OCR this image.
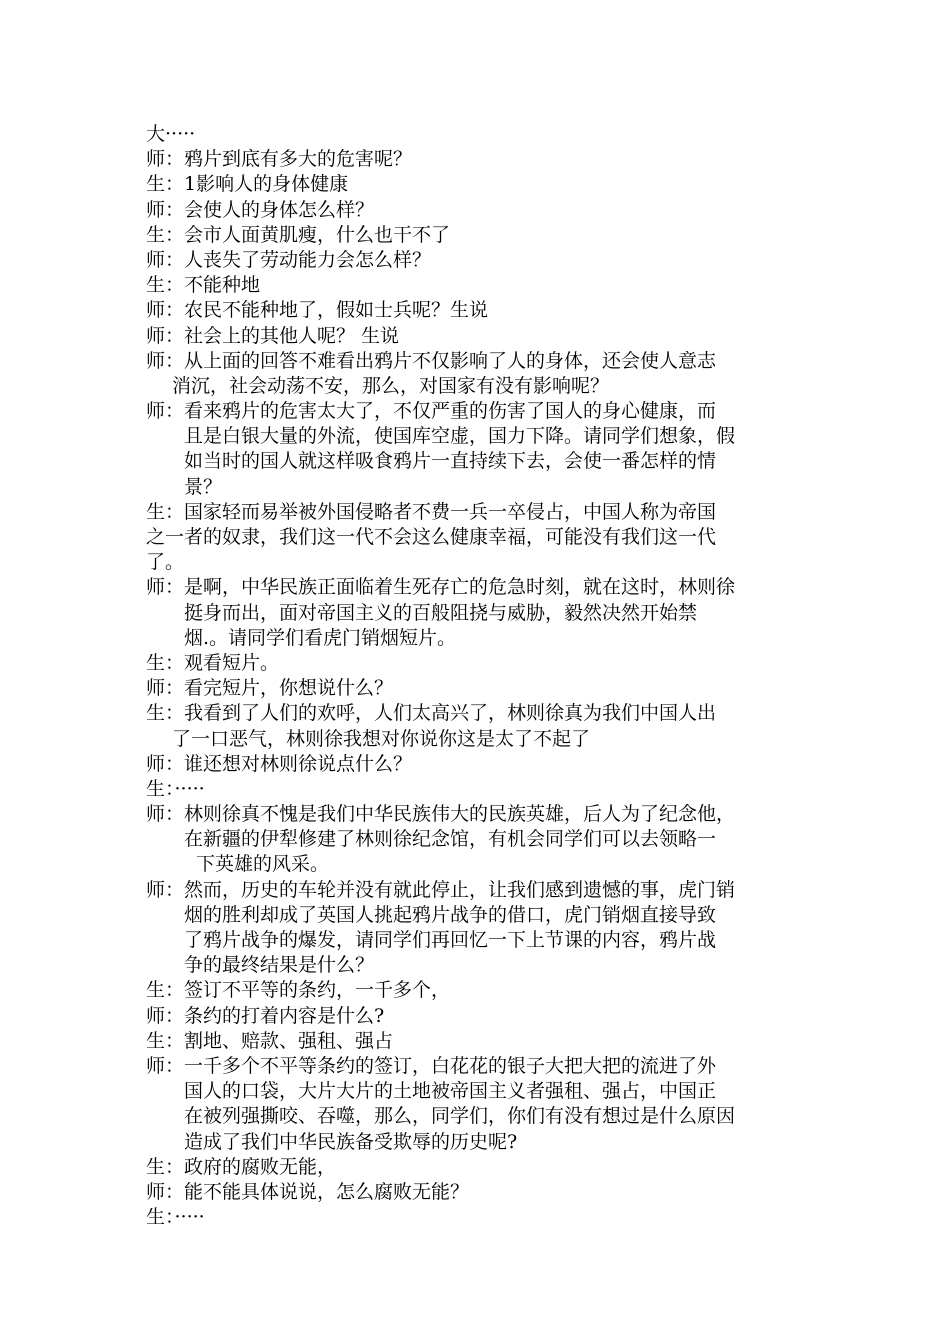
大·····
师：鸦片到底有多大的危害呢？
生：1影响人的身体健康
师：会使人的身体怎么样？
生：会市人面黄肌瘦，什么也干不了
师：人丧失了劳动能力会怎么样？
生：不能种地
师：农民不能种地了，假如士兵呢？生说
师：社会上的其他人呢？ 生说
师：从上面的回答不难看出鸦片不仅影响了人的身体，还会使人意志
消沉，社会动荡不安，那么，对国家有没有影响呢？
师：看来鸦片的危害太大了，不仅严重的伤害了国人的身心健康，而
且是白银大量的外流，使国库空虚，国力下降。请同学们想象，假
如当时的国人就这样吸食鸦片一直持续下去，会使一番怎样的情
景？
生：国家轻而易举被外国侵略者不费一兵一卒侵占，中国人称为帝国
之一者的奴隶，我们这一代不会这么健康幸福，可能没有我们这一代
了。
师：是啊，中华民族正面临着生死存亡的危急时刻，就在这时，林则徐
挺身而出，面对帝国主义的百般阻挠与威胁，毅然决然开始禁
烟.。请同学们看虎门销烟短片。
生：观看短片。
师：看完短片，你想说什么？
生：我看到了人们的欢呼，人们太高兴了，林则徐真为我们中国人出
了一口恶气，林则徐我想对你说你这是太了不起了
师：谁还想对林则徐说点什么？
生：·····
师：林则徐真不愧是我们中华民族伟大的民族英雄，后人为了纪念他，
在新疆的伊犁修建了林则徐纪念馆，有机会同学们可以去领略一
下英雄的风采。
师：然而，历史的车轮并没有就此停止，让我们感到遗憾的事，虎门销
烟的胜利却成了英国人挑起鸦片战争的借口，虎门销烟直接导致
了鸦片战争的爆发，请同学们再回忆一下上节课的内容，鸦片战
争的最终结果是什么？
生：签订不平等的条约，一千多个，
师：条约的打着内容是什么?
生：割地、赔款、强租、强占
师：一千多个不平等条约的签订，白花花的银子大把大把的流进了外
国人的口袋，大片大片的土地被帝国主义者强租、强占，中国正
在被列强撕咬、吞噬，那么，同学们，你们有没有想过是什么原因
造成了我们中华民族备受欺辱的历史呢?
生：政府的腐败无能，
师：能不能具体说说，怎么腐败无能？
生：·····
